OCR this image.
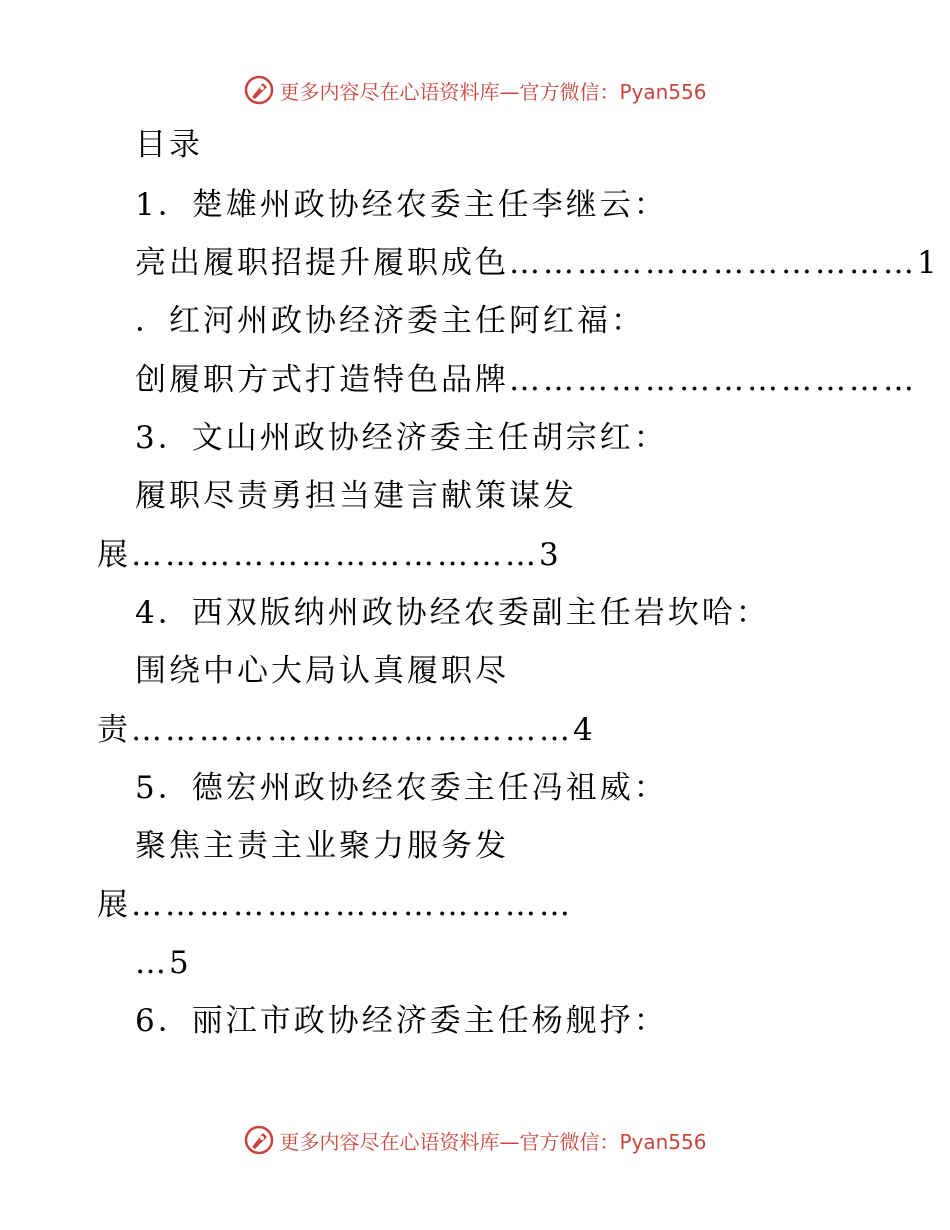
更多内容尽在心语资料库—官方微信：Pyan556
目录
1．楚雄州政协经农委主任李继云：
亮出履职招提升履职成色………………………………1
．红河州政协经济委主任阿红福：
创履职方式打造特色品牌………………………………
3．文山州政协经济委主任胡宗红：
履职尽责勇担当建言献策谋发
展………………………………3
4．西双版纳州政协经农委副主任岩坎哈：
围绕中心大局认真履职尽
责…………………………………4
5．德宏州政协经农委主任冯祖威：
聚焦主责主业聚力服务发
展…………………………………
…5
6．丽江市政协经济委主任杨舰抒：
更多内容尽在心语资料库—官方微信：Pyan556
